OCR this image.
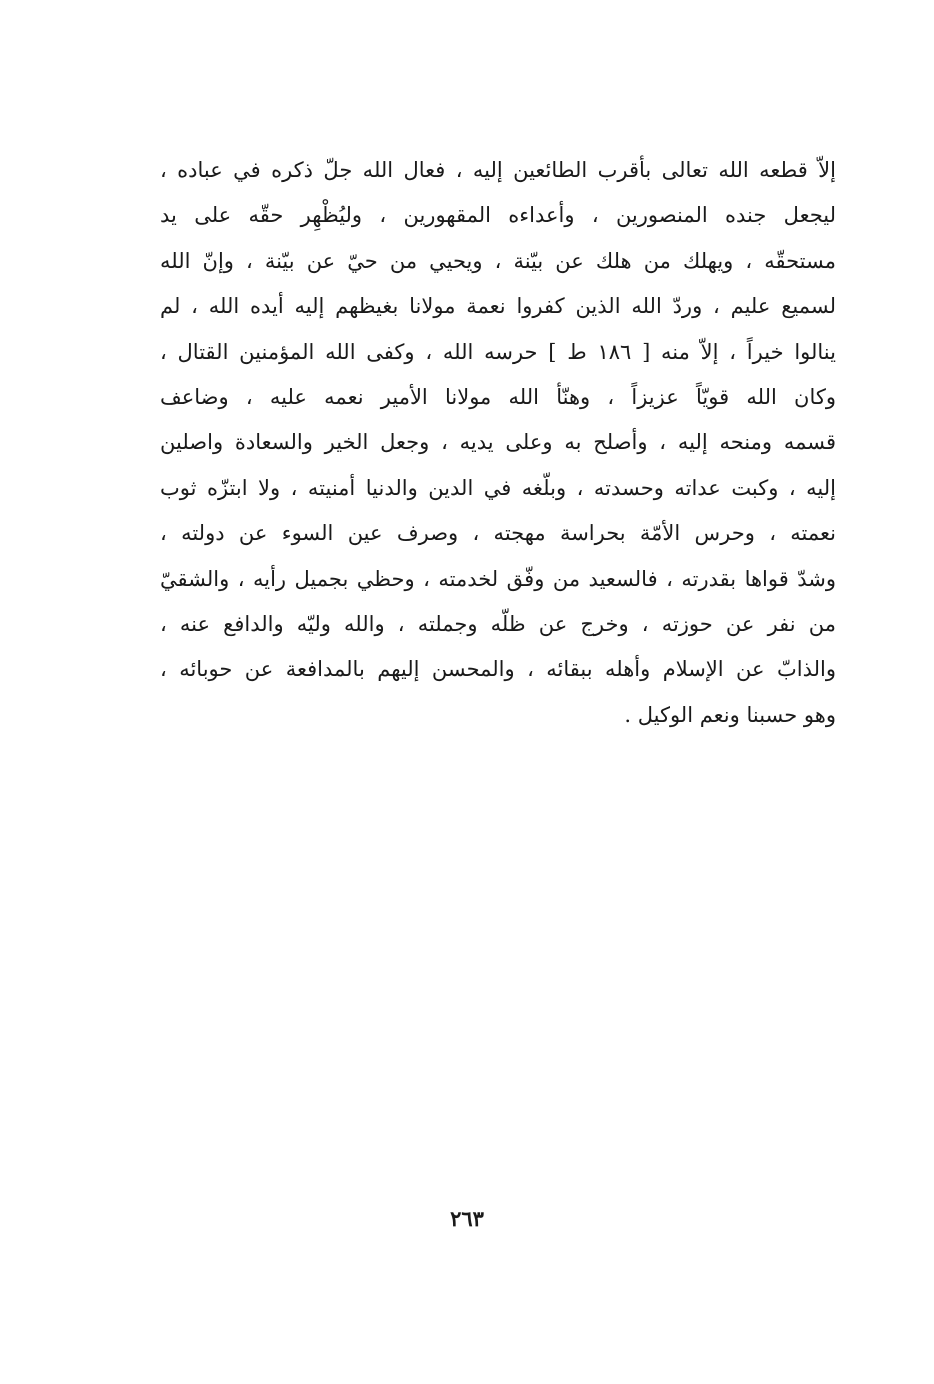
إلاّ قطعه الله تعالى بأقرب الطائعين إليه ، فعال الله جلّ ذكره في عباده ،
ليجعل جنده المنصورين ، وأعداءه المقهورين ، وليُظْهِر حقّه على يد
مستحقّه ، ويهلك من هلك عن بيّنة ، ويحيي من حيّ عن بيّنة ، وإنّ الله
لسميع عليم ، وردّ الله الذين كفروا نعمة مولانا بغيظهم إليه أيده الله ، لم
ينالوا خيراً ، إلاّ منه [ ١٨٦ ط ] حرسه الله ، وكفى الله المؤمنين القتال ،
وكان الله قويّاً عزيزاً ، وهنّأ الله مولانا الأمير نعمه عليه ، وضاعف
قسمه ومنحه إليه ، وأصلح به وعلى يديه ، وجعل الخير والسعادة واصلين
إليه ، وكبت عداته وحسدته ، وبلّغه في الدين والدنيا أمنيته ، ولا ابتزّه ثوب
نعمته ، وحرس الأمّة بحراسة مهجته ، وصرف عين السوء عن دولته ،
وشدّ قواها بقدرته ، فالسعيد من وفّق لخدمته ، وحظي بجميل رأيه ، والشقيّ
من نفر عن حوزته ، وخرج عن ظلّه وجملته ، والله وليّه والدافع عنه ،
والذابّ عن الإسلام وأهله ببقائه ، والمحسن إليهم بالمدافعة عن حوبائه ،
وهو حسبنا ونعم الوكيل .
٢٦٣
